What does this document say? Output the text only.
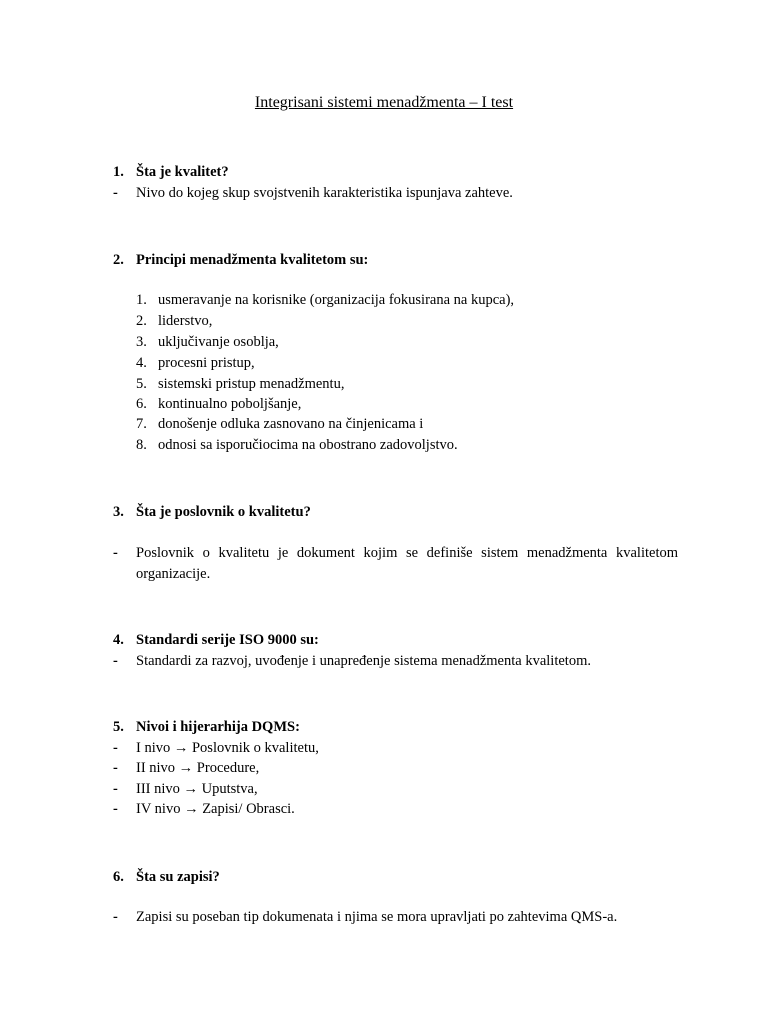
Integrisani sistemi menadžmenta – I test
1. Šta je kvalitet?
- Nivo do kojeg skup svojstvenih karakteristika ispunjava zahteve.
2. Principi menadžmenta kvalitetom su:
1. usmeravanje na korisnike (organizacija fokusirana na kupca),
2. liderstvo,
3. uključivanje osoblja,
4. procesni pristup,
5. sistemski pristup menadžmentu,
6. kontinualno poboljšanje,
7. donošenje odluka zasnovano na činjenicama i
8. odnosi sa isporučiocima na obostrano zadovoljstvo.
3. Šta je poslovnik o kvalitetu?
- Poslovnik o kvalitetu je dokument kojim se definiše sistem menadžmenta kvalitetom
organizacije.
4. Standardi serije ISO 9000 su:
- Standardi za razvoj, uvođenje i unapređenje sistema menadžmenta kvalitetom.
5. Nivoi i hijerarhija DQMS:
- I nivo → Poslovnik o kvalitetu,
- II nivo → Procedure,
- III nivo → Uputstva,
- IV nivo → Zapisi/ Obrasci.
6. Šta su zapisi?
- Zapisi su poseban tip dokumenata i njima se mora upravljati po zahtevima QMS-a.
